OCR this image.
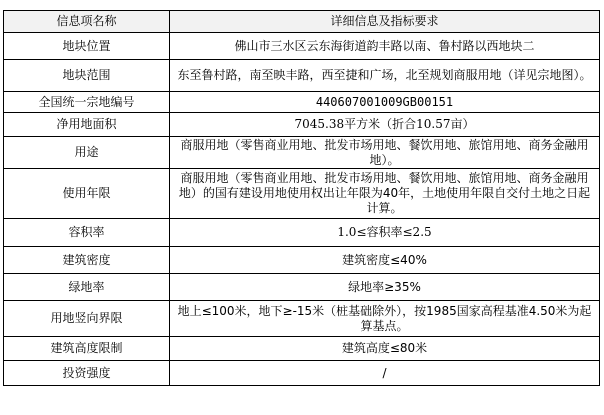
信息项名称	详细信息及指标要求
地块位置	佛山市三水区云东海街道韵丰路以南、鲁村路以西地块二
地块范围	东至鲁村路，南至映丰路，西至捷和广场，北至规划商服用地（详见宗地图）。
全国统一宗地编号	440607001009GB00151
净用地面积	7045.38平方米（折合10.57亩）
用途	商服用地（零售商业用地、批发市场用地、餐饮用地、旅馆用地、商务金融用地）。
使用年限	商服用地（零售商业用地、批发市场用地、餐饮用地、旅馆用地、商务金融用地）的国有建设用地使用权出让年限为40年，土地使用年限自交付土地之日起计算。
容积率	1.0≤容积率≤2.5
建筑密度	建筑密度≤40%
绿地率	绿地率≥35%
用地竖向界限	地上≤100米，地下≥-15米（桩基础除外），按1985国家高程基准4.50米为起算基点。
建筑高度限制	建筑高度≤80米
投资强度	/
